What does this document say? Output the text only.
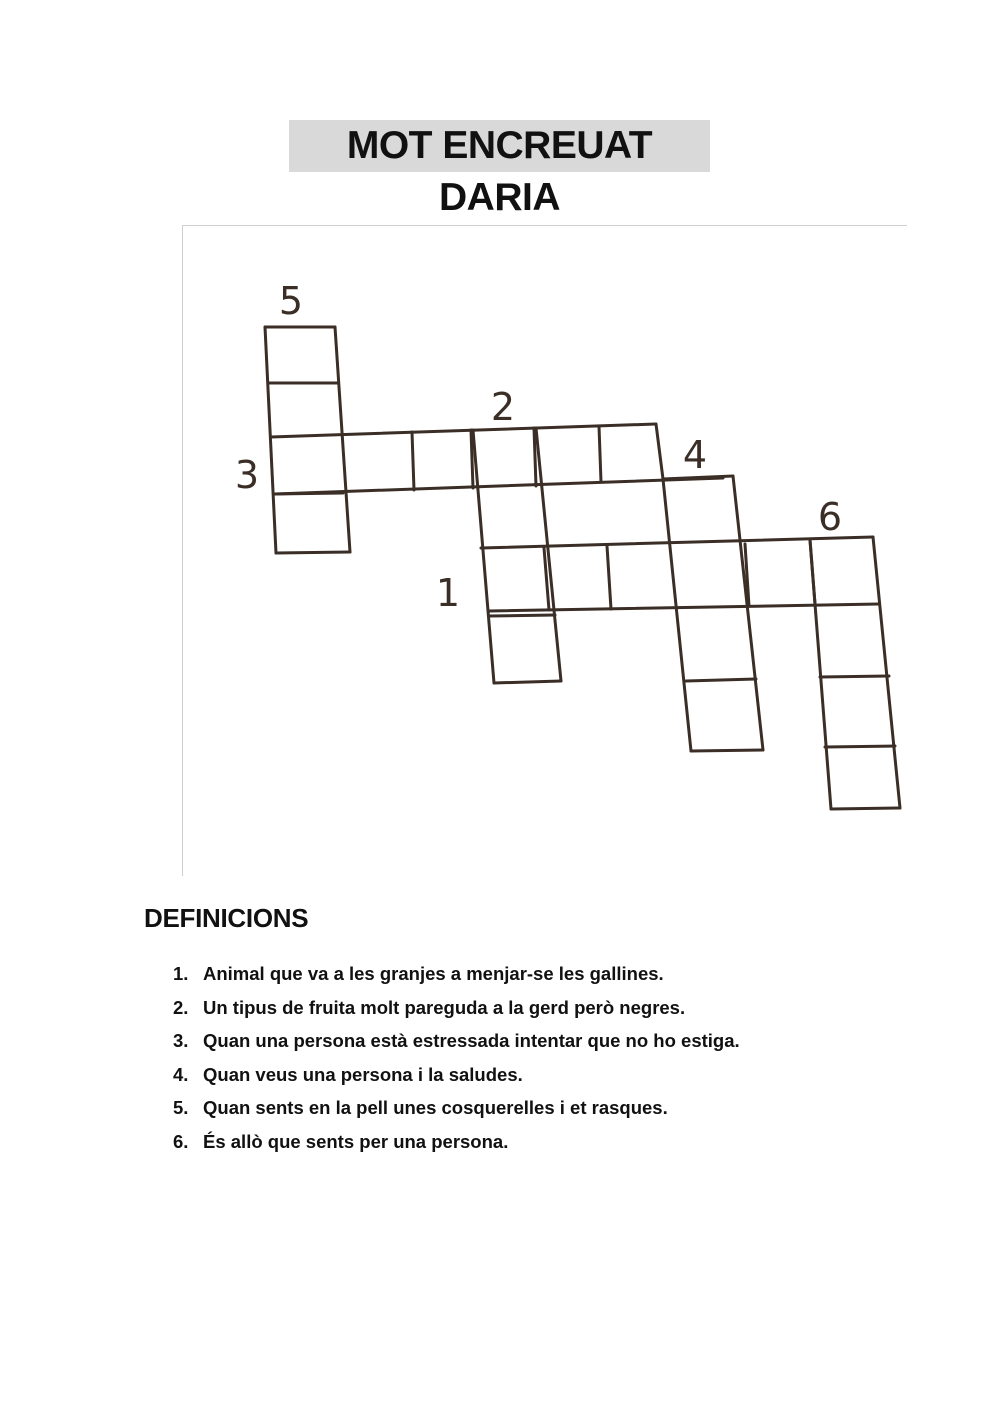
MOT ENCREUAT DARIA
5
2
3	4
6
1
DEFINICIONS
1. Animal que va a les granjes a menjar-se les gallines.
2. Un tipus de fruita molt pareguda a la gerd però negres.
3. Quan una persona està estressada intentar que no ho estiga.
4. Quan veus una persona i la saludes.
5. Quan sents en la pell unes cosquerelles i et rasques.
6. És allò que sents per una persona.
